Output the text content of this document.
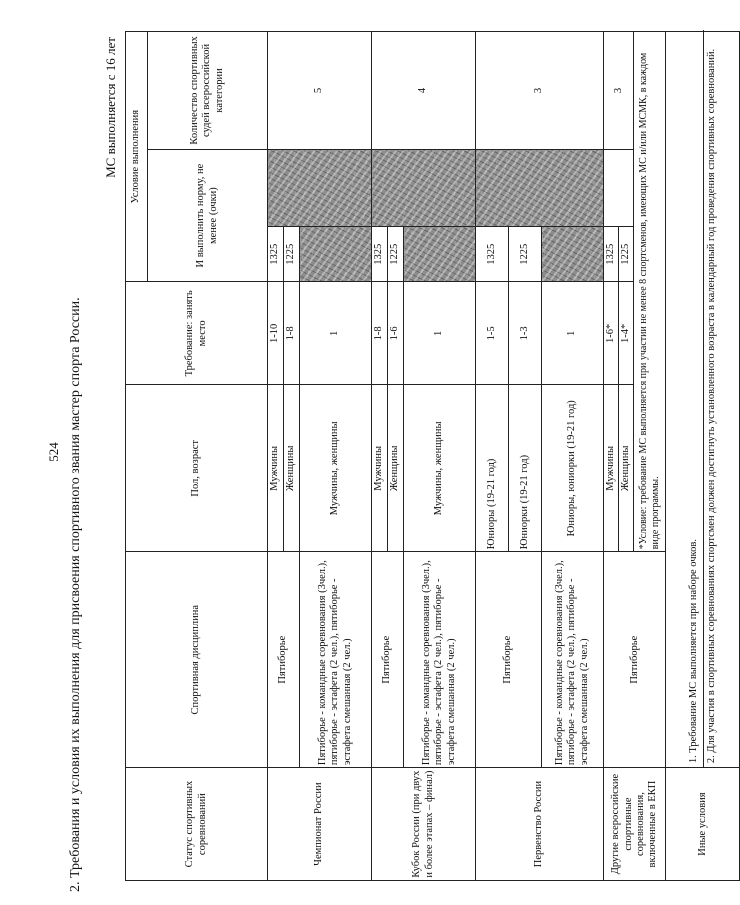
524 2. Требования и условия их выполнения для присвоения спортивного звания мастер спорта России.
МС выполняется с 16 лет
Статус спортивных соревнований	Спортивная дисциплина	Пол, возраст	Требование: занять место	Условие выполнения		
				И выполнить норму, не менее (очки)		Количество спортивных судей всероссийской категории
Чемпионат России	Пятиборье	Мужчины	1-10	1325		5
		Женщины	1-8	1225		
	Пятиборье - командные соревнования (3чел.), пятиборье - эстафета (2 чел.), пятиборье - эстафета смешанная (2 чел.)	Мужчины, женщины	1			
Кубок России (при двух и более этапах – финал)	Пятиборье	Мужчины	1-8	1325		4
		Женщины	1-6	1225		
	Пятиборье - командные соревнования (3чел.), пятиборье - эстафета (2 чел.), пятиборье - эстафета смешанная (2 чел.)	Мужчины, женщины	1			
Первенство России	Пятиборье	Юниоры (19-21 год)	1-5	1325		3
		Юниорки (19-21 год)	1-3	1225		
	Пятиборье - командные соревнования (3чел.), пятиборье - эстафета (2 чел.), пятиборье - эстафета смешанная (2 чел.)	Юниоры, юниорки (19-21 год)	1			
Другие всероссийские спортивные соревнования, включенные в ЕКП	Пятиборье	Мужчины	1-6*	1325		3
		Женщины	1-4*	1225		
		*Условие: требование МС выполняется при участии не менее 8 спортсменов, имеющих МС и/или МСМК, в каждом виде программы.				
Иные условия	1. Требование МС выполняется при наборе очков. 2. Для участия в спортивных соревнованиях спортсмен должен достигнуть установленного возраста в календарный год проведения спортивных соревнований.					
